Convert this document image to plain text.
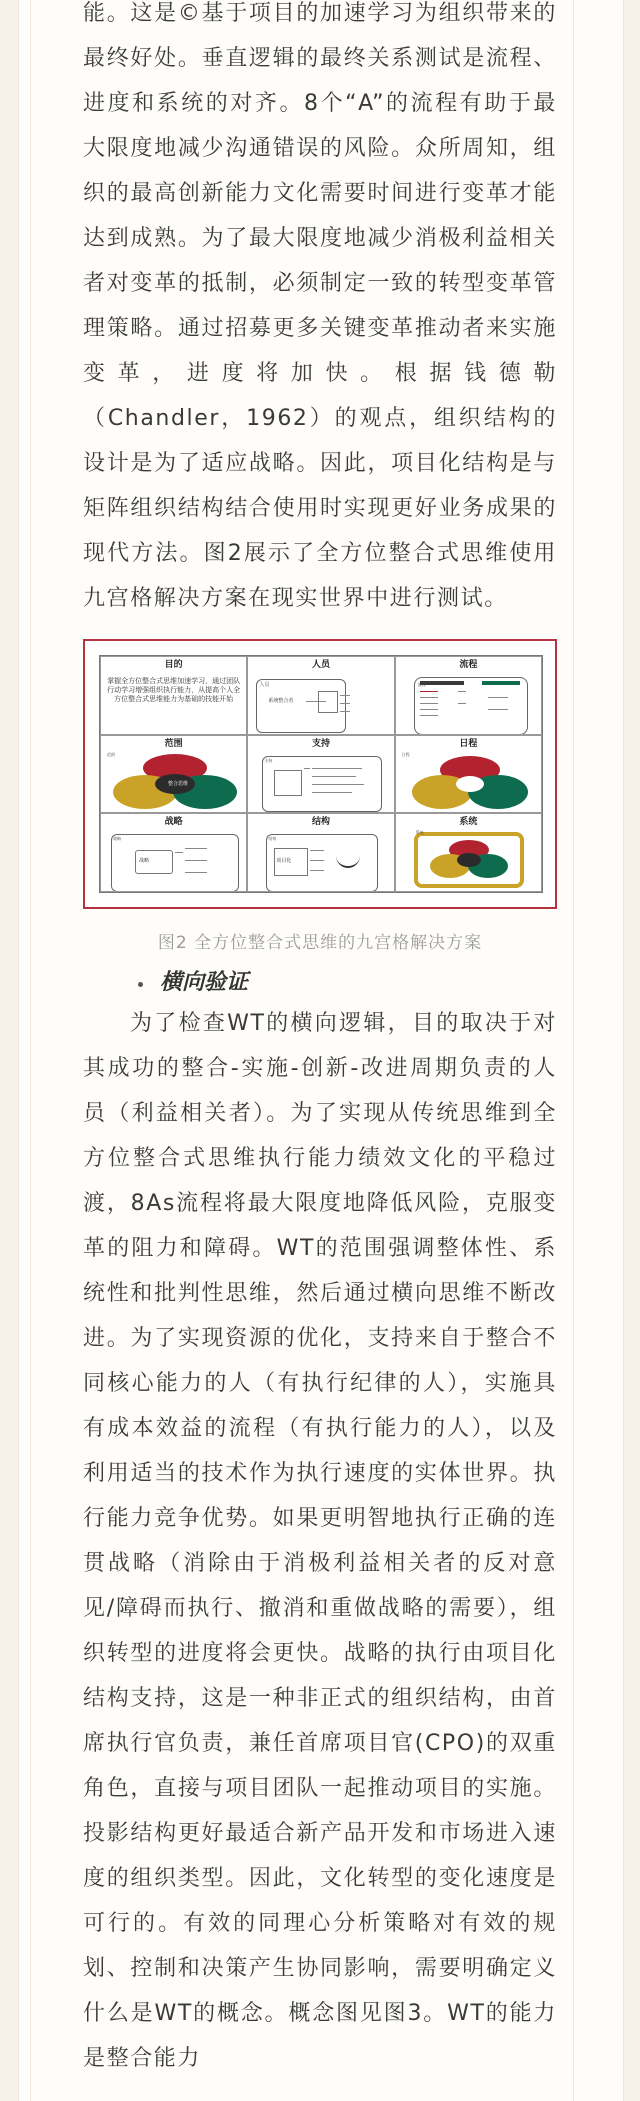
能。这是©基于项目的加速学习为组织带来的最终好处。垂直逻辑的最终关系测试是流程、进度和系统的对齐。8个“A”的流程有助于最大限度地减少沟通错误的风险。众所周知，组织的最高创新能力文化需要时间进行变革才能达到成熟。为了最大限度地减少消极利益相关者对变革的抵制，必须制定一致的转型变革管理策略。通过招募更多关键变革推动者来实施变革，进度将加快。根据钱德勒（Chandler，1962）的观点，组织结构的设计是为了适应战略。因此，项目化结构是与矩阵组织结构结合使用时实现更好业务成果的现代方法。图2展示了全方位整合式思维使用九宫格解决方案在现实世界中进行测试。

目的
掌握全方位整合式思维加速学习，通过团队行动学习增强组织执行能力，从提高个人全方位整合式思维能力为基础的技能开始
人员
人员
系统整合者
流程
流程
范围
范围
整合思维
支持
支持
日程
日程
战略
战略
战略
结构
结构
项目化
系统
系统
图2 全方位整合式思维的九宫格解决方案
横向验证

为了检查WT的横向逻辑，目的取决于对其成功的整合-实施-创新-改进周期负责的人员（利益相关者）。为了实现从传统思维到全方位整合式思维执行能力绩效文化的平稳过渡，8As流程将最大限度地降低风险，克服变革的阻力和障碍。WT的范围强调整体性、系统性和批判性思维，然后通过横向思维不断改进。为了实现资源的优化，支持来自于整合不同核心能力的人（有执行纪律的人），实施具有成本效益的流程（有执行能力的人），以及利用适当的技术作为执行速度的实体世界。执行能力竞争优势。如果更明智地执行正确的连贯战略（消除由于消极利益相关者的反对意见/障碍而执行、撤消和重做战略的需要），组织转型的进度将会更快。战略的执行由项目化结构支持，这是一种非正式的组织结构，由首席执行官负责，兼任首席项目官(CPO)的双重角色，直接与项目团队一起推动项目的实施。投影结构更好最适合新产品开发和市场进入速度的组织类型。因此，文化转型的变化速度是可行的。有效的同理心分析策略对有效的规划、控制和决策产生协同影响，需要明确定义什么是WT的概念。概念图见图3。WT的能力是整合能力
